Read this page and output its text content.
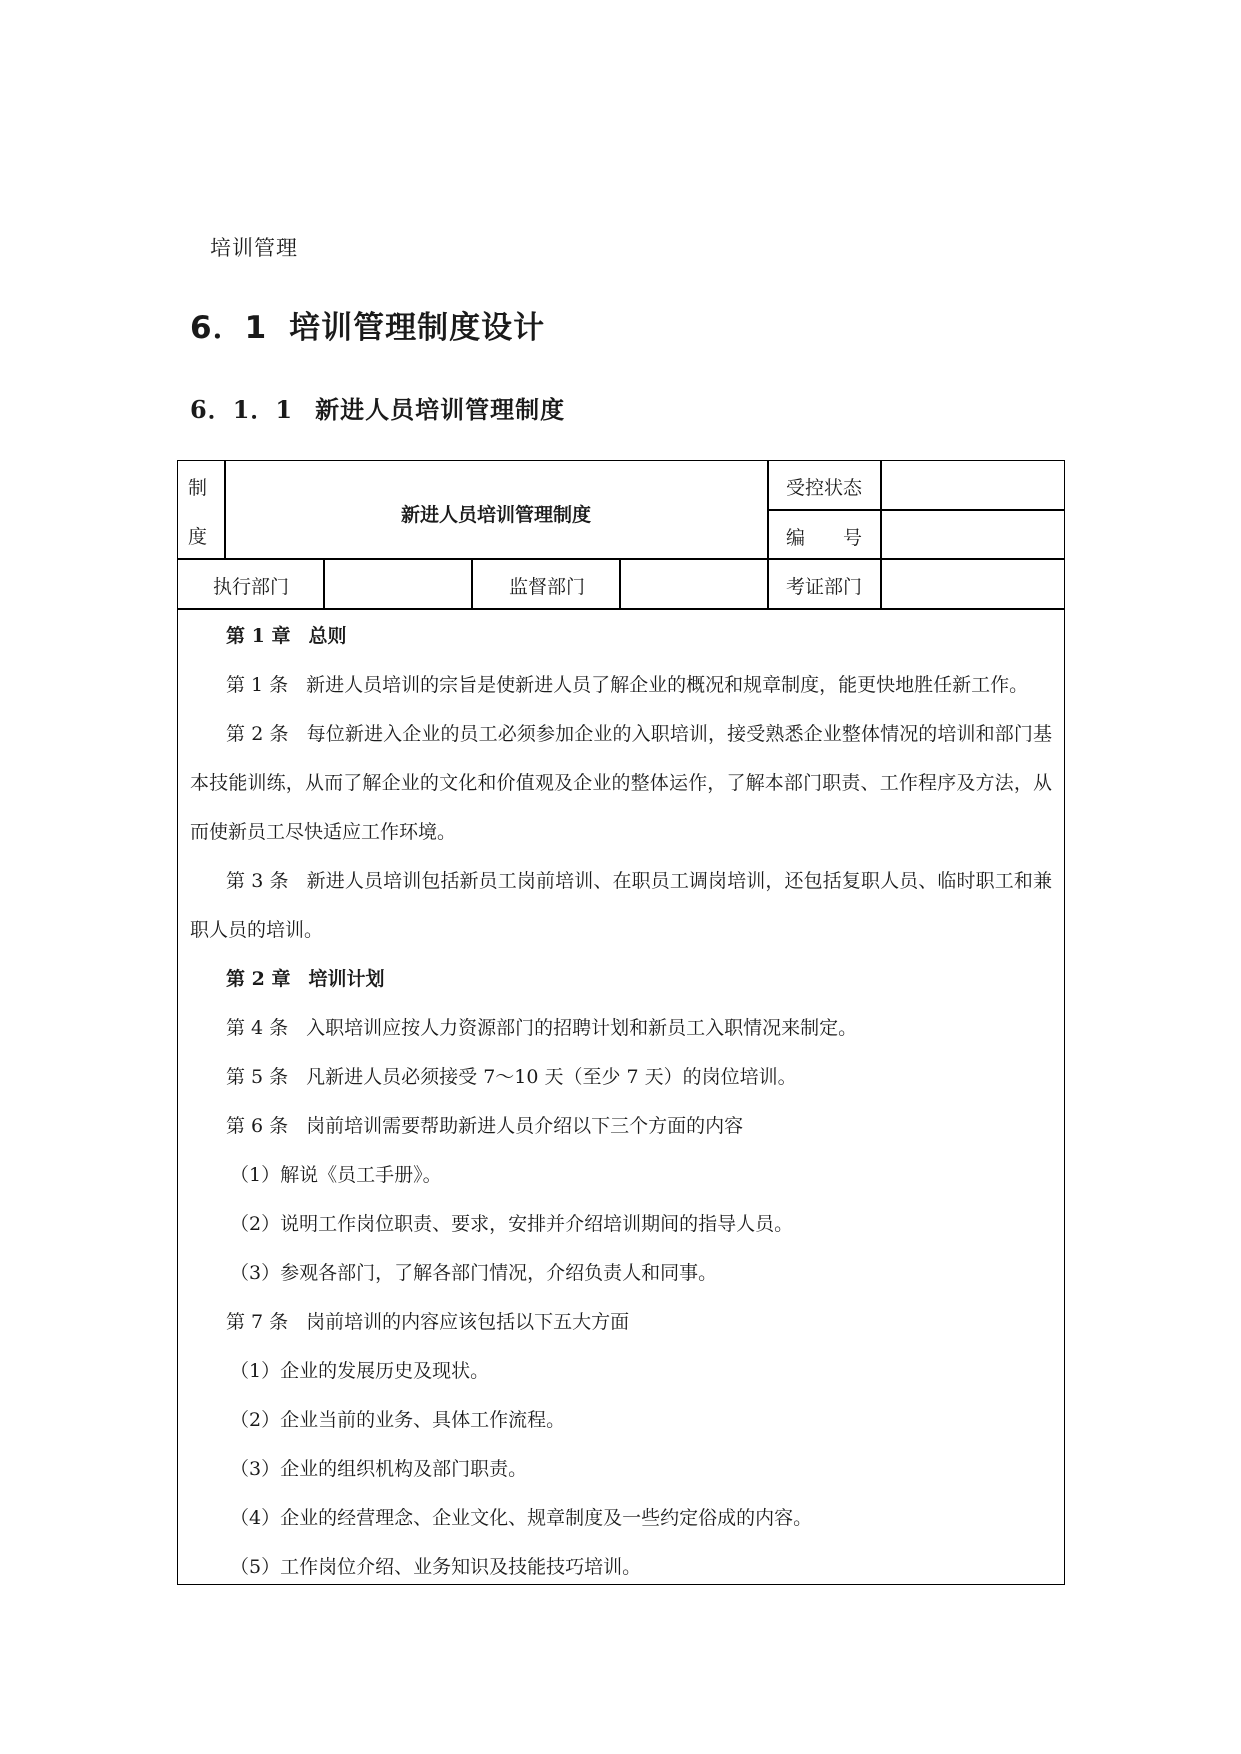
培训管理
6．1 培训管理制度设计
6．1．1 新进人员培训管理制度
制
度
新进人员培训管理制度
受控状态
编　　号
执行部门	监督部门	考证部门

第 1 章 总则

第 1 条 新进人员培训的宗旨是使新进人员了解企业的概况和规章制度，能更快地胜任新工作。

第 2 条 每位新进入企业的员工必须参加企业的入职培训，接受熟悉企业整体情况的培训和部门基本技能训练，从而了解企业的文化和价值观及企业的整体运作，了解本部门职责、工作程序及方法，从而使新员工尽快适应工作环境。

第 3 条 新进人员培训包括新员工岗前培训、在职员工调岗培训，还包括复职人员、临时职工和兼职人员的培训。

第 2 章 培训计划

第 4 条 入职培训应按人力资源部门的招聘计划和新员工入职情况来制定。

第 5 条 凡新进人员必须接受 7～10 天（至少 7 天）的岗位培训。

第 6 条 岗前培训需要帮助新进人员介绍以下三个方面的内容

（1）解说《员工手册》。

（2）说明工作岗位职责、要求，安排并介绍培训期间的指导人员。

（3）参观各部门，了解各部门情况，介绍负责人和同事。

第 7 条 岗前培训的内容应该包括以下五大方面

（1）企业的发展历史及现状。

（2）企业当前的业务、具体工作流程。

（3）企业的组织机构及部门职责。

（4）企业的经营理念、企业文化、规章制度及一些约定俗成的内容。

（5）工作岗位介绍、业务知识及技能技巧培训。
